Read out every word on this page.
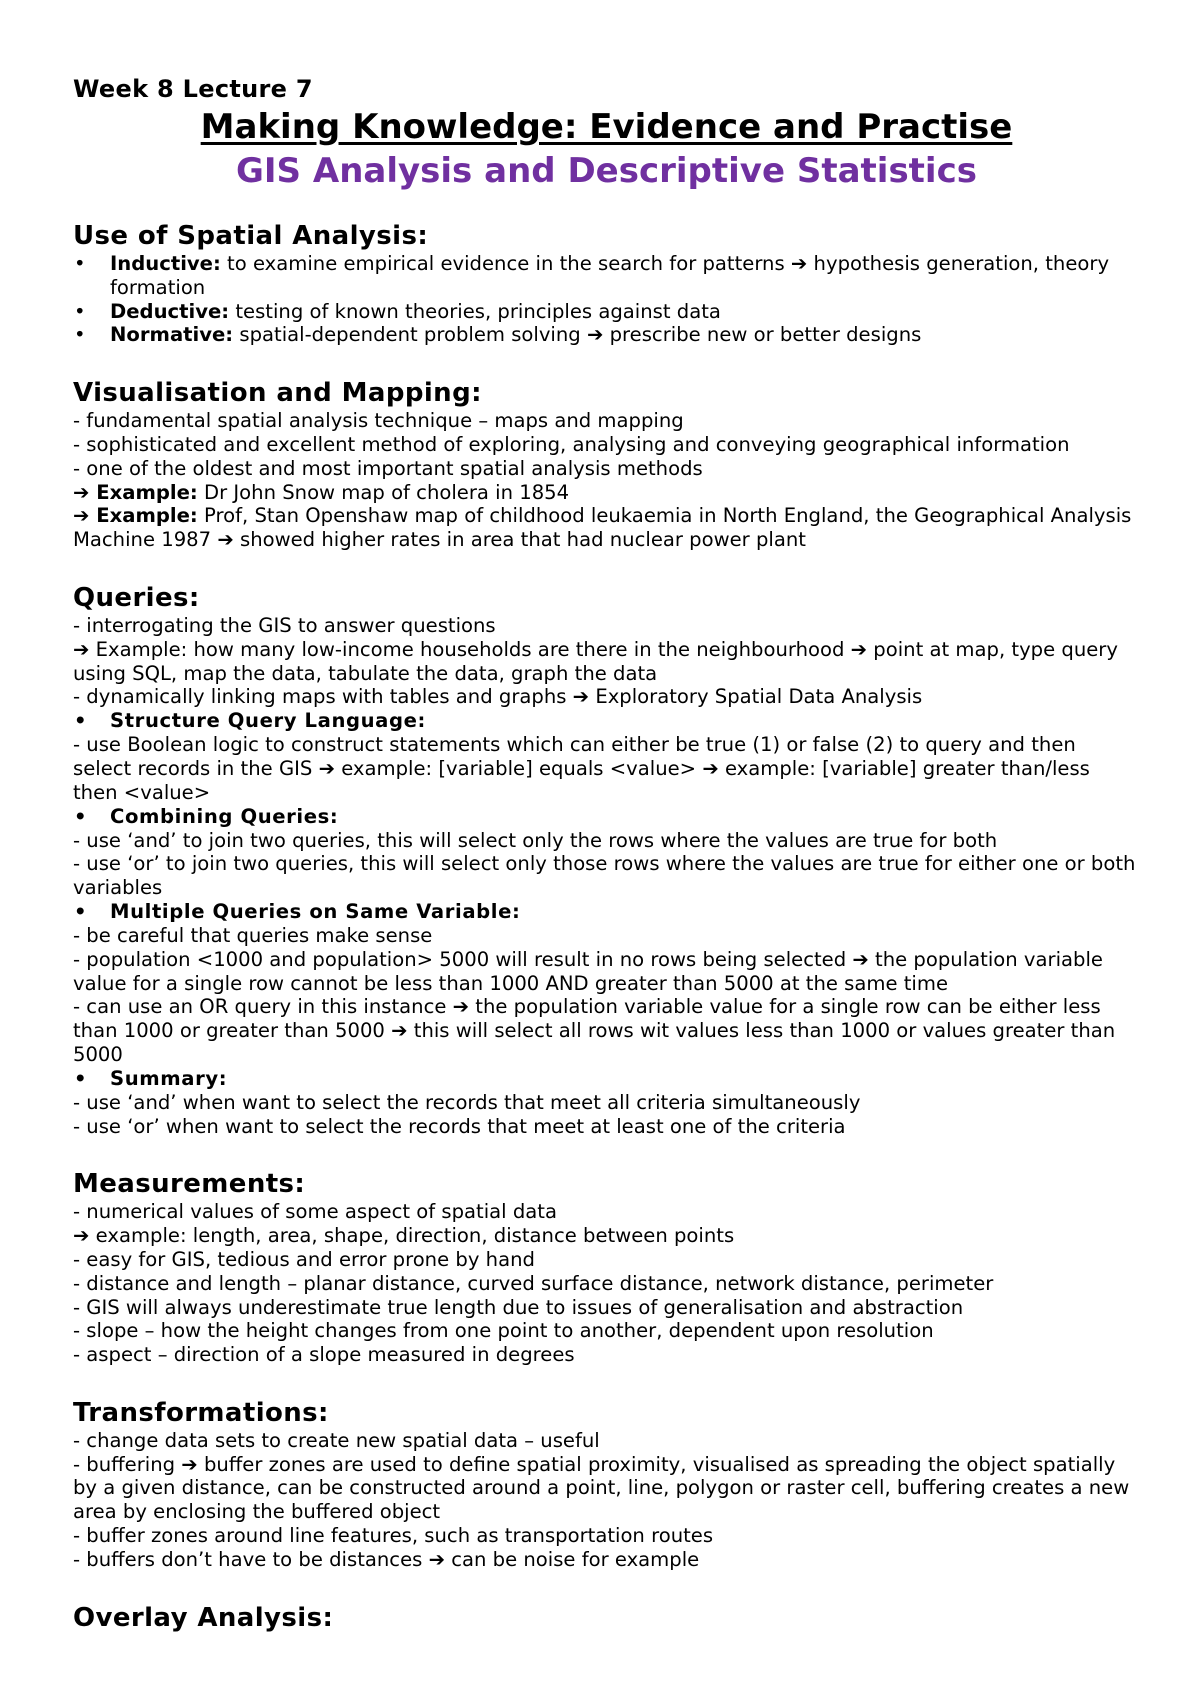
Week 8 Lecture 7
Making Knowledge: Evidence and Practise
GIS Analysis and Descriptive Statistics
Use of Spatial Analysis:
•	Inductive: to examine empirical evidence in the search for patterns ➔ hypothesis generation, theory formation
•	Deductive: testing of known theories, principles against data
•	Normative: spatial-dependent problem solving ➔ prescribe new or better designs
Visualisation and Mapping:
- fundamental spatial analysis technique – maps and mapping
- sophisticated and excellent method of exploring, analysing and conveying geographical information
- one of the oldest and most important spatial analysis methods
➔ Example: Dr John Snow map of cholera in 1854
➔ Example: Prof, Stan Openshaw map of childhood leukaemia in North England, the Geographical Analysis Machine 1987 ➔ showed higher rates in area that had nuclear power plant
Queries:
- interrogating the GIS to answer questions
➔ Example: how many low-income households are there in the neighbourhood ➔ point at map, type query using SQL, map the data, tabulate the data, graph the data
- dynamically linking maps with tables and graphs ➔ Exploratory Spatial Data Analysis
•	Structure Query Language:
- use Boolean logic to construct statements which can either be true (1) or false (2) to query and then select records in the GIS ➔ example: [variable] equals <value> ➔ example: [variable] greater than/less then <value>
•	Combining Queries:
- use ‘and’ to join two queries, this will select only the rows where the values are true for both
- use ‘or’ to join two queries, this will select only those rows where the values are true for either one or both variables
•	Multiple Queries on Same Variable:
- be careful that queries make sense
- population <1000 and population> 5000 will result in no rows being selected ➔ the population variable value for a single row cannot be less than 1000 AND greater than 5000 at the same time
- can use an OR query in this instance ➔ the population variable value for a single row can be either less than 1000 or greater than 5000 ➔ this will select all rows wit values less than 1000 or values greater than 5000
•	Summary:
- use ‘and’ when want to select the records that meet all criteria simultaneously
- use ‘or’ when want to select the records that meet at least one of the criteria
Measurements:
- numerical values of some aspect of spatial data
➔ example: length, area, shape, direction, distance between points
- easy for GIS, tedious and error prone by hand
- distance and length – planar distance, curved surface distance, network distance, perimeter
- GIS will always underestimate true length due to issues of generalisation and abstraction
- slope – how the height changes from one point to another, dependent upon resolution
- aspect – direction of a slope measured in degrees
Transformations:
- change data sets to create new spatial data – useful
- buffering ➔ buffer zones are used to define spatial proximity, visualised as spreading the object spatially by a given distance, can be constructed around a point, line, polygon or raster cell, buffering creates a new area by enclosing the buffered object
- buffer zones around line features, such as transportation routes
- buffers don’t have to be distances ➔ can be noise for example
Overlay Analysis:
